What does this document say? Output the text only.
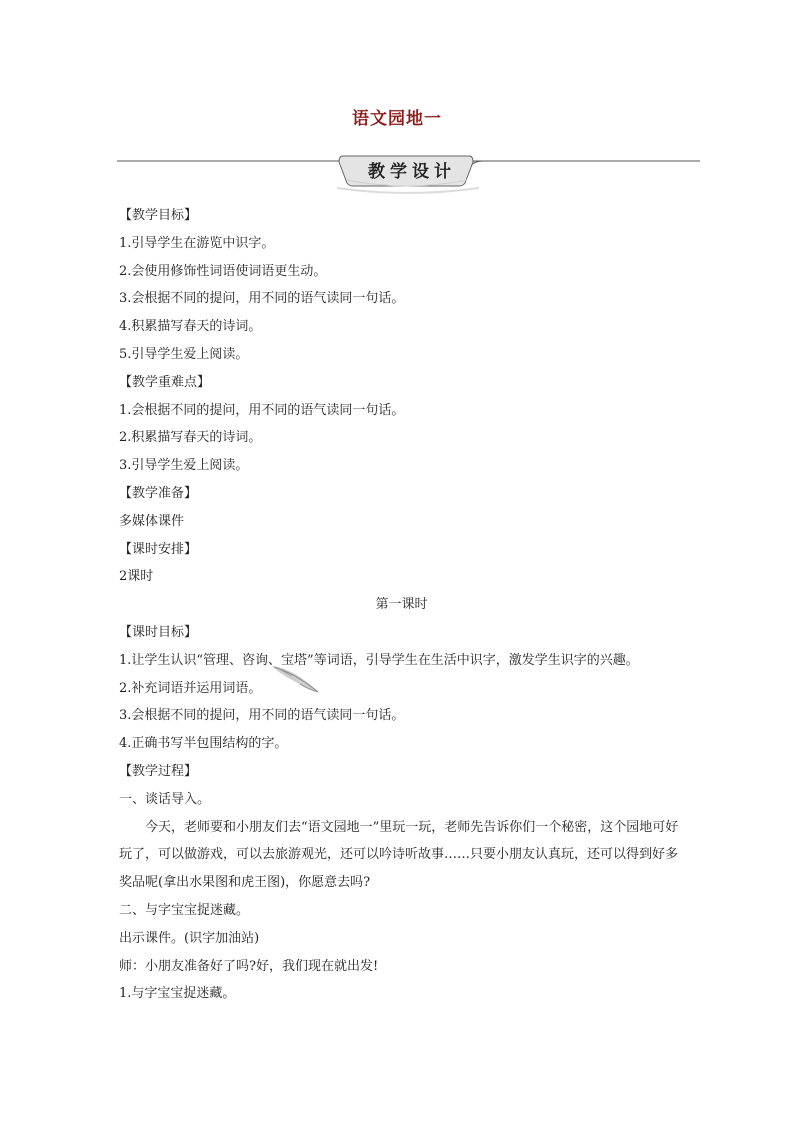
语文园地一
教学设计

【教学目标】

1.引导学生在游览中识字。

2.会使用修饰性词语使词语更生动。

3.会根据不同的提问，用不同的语气读同一句话。

4.积累描写春天的诗词。

5.引导学生爱上阅读。

【教学重难点】

1.会根据不同的提问，用不同的语气读同一句话。

2.积累描写春天的诗词。

3.引导学生爱上阅读。

【教学准备】

多媒体课件

【课时安排】

2课时

第一课时

【课时目标】

1.让学生认识“管理、咨询、宝塔”等词语，引导学生在生活中识字，激发学生识字的兴趣。

2.补充词语并运用词语。

3.会根据不同的提问，用不同的语气读同一句话。

4.正确书写半包围结构的字。

【教学过程】

一、谈话导入。

今天，老师要和小朋友们去“语文园地一”里玩一玩，老师先告诉你们一个秘密，这个园地可好玩了，可以做游戏，可以去旅游观光，还可以吟诗听故事……只要小朋友认真玩，还可以得到好多奖品呢(拿出水果图和虎王图)，你愿意去吗?

二、与字宝宝捉迷藏。

出示课件。(识字加油站)

师：小朋友准备好了吗?好，我们现在就出发!

1.与字宝宝捉迷藏。
